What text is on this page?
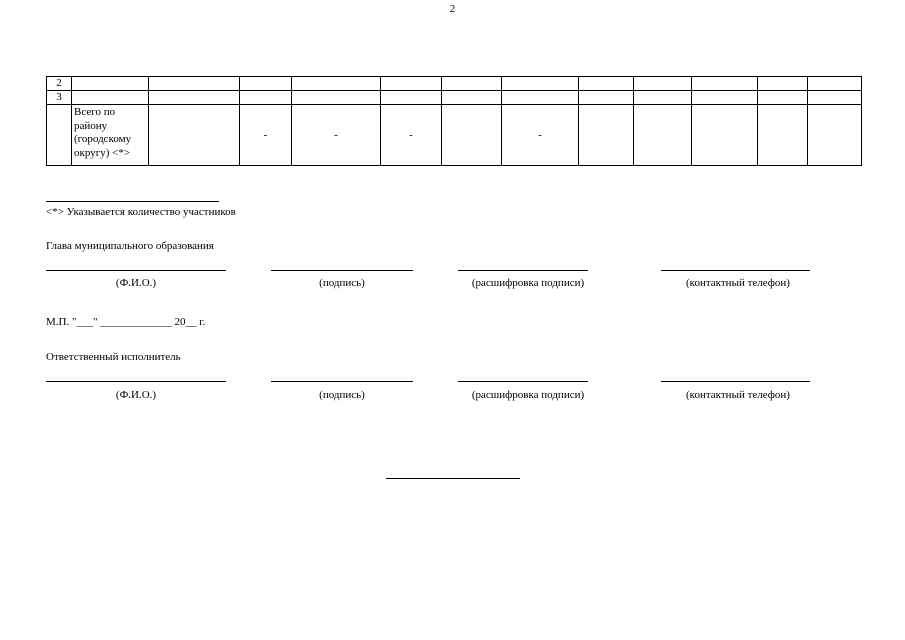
2
2												
3												
	Всего по району (городскому округу) <*>		-	-	-		-					
<*> Указывается количество участников
Глава муниципального образования
(Ф.И.О.)	(подпись)	(расшифровка подписи)	(контактный телефон)
М.П. "___" _____________ 20__ г.
Ответственный исполнитель
(Ф.И.О.)	(подпись)	(расшифровка подписи)	(контактный телефон)
